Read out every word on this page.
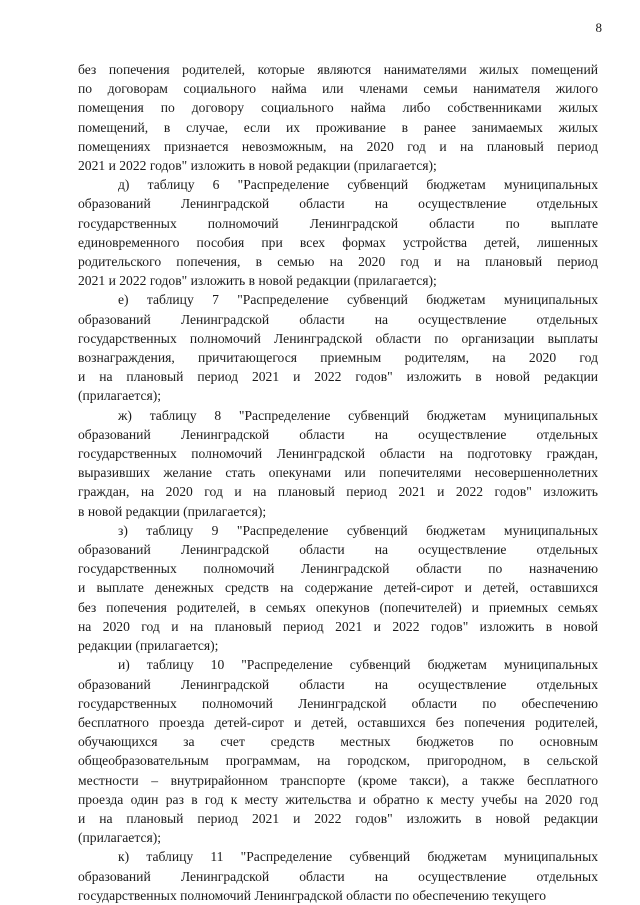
8

без попечения родителей, которые являются нанимателями жилых помещений
по договорам социального найма или членами семьи нанимателя жилого
помещения по договору социального найма либо собственниками жилых
помещений, в случае, если их проживание в ранее занимаемых жилых
помещениях признается невозможным, на 2020 год и на плановый период
2021 и 2022 годов" изложить в новой редакции (прилагается);

д) таблицу 6 "Распределение субвенций бюджетам муниципальных
образований Ленинградской области на осуществление отдельных
государственных полномочий Ленинградской области по выплате
единовременного пособия при всех формах устройства детей, лишенных
родительского попечения, в семью на 2020 год и на плановый период
2021 и 2022 годов" изложить в новой редакции (прилагается);

е) таблицу 7 "Распределение субвенций бюджетам муниципальных
образований Ленинградской области на осуществление отдельных
государственных полномочий Ленинградской области по организации выплаты
вознаграждения, причитающегося приемным родителям, на 2020 год
и на плановый период 2021 и 2022 годов" изложить в новой редакции
(прилагается);

ж) таблицу 8 "Распределение субвенций бюджетам муниципальных
образований Ленинградской области на осуществление отдельных
государственных полномочий Ленинградской области на подготовку граждан,
выразивших желание стать опекунами или попечителями несовершеннолетних
граждан, на 2020 год и на плановый период 2021 и 2022 годов" изложить
в новой редакции (прилагается);

з) таблицу 9 "Распределение субвенций бюджетам муниципальных
образований Ленинградской области на осуществление отдельных
государственных полномочий Ленинградской области по назначению
и выплате денежных средств на содержание детей-сирот и детей, оставшихся
без попечения родителей, в семьях опекунов (попечителей) и приемных семьях
на 2020 год и на плановый период 2021 и 2022 годов" изложить в новой
редакции (прилагается);

и) таблицу 10 "Распределение субвенций бюджетам муниципальных
образований Ленинградской области на осуществление отдельных
государственных полномочий Ленинградской области по обеспечению
бесплатного проезда детей-сирот и детей, оставшихся без попечения родителей,
обучающихся за счет средств местных бюджетов по основным
общеобразовательным программам, на городском, пригородном, в сельской
местности – внутрирайонном транспорте (кроме такси), а также бесплатного
проезда один раз в год к месту жительства и обратно к месту учебы на 2020 год
и на плановый период 2021 и 2022 годов" изложить в новой редакции
(прилагается);

к) таблицу 11 "Распределение субвенций бюджетам муниципальных
образований Ленинградской области на осуществление отдельных
государственных полномочий Ленинградской области по обеспечению текущего
